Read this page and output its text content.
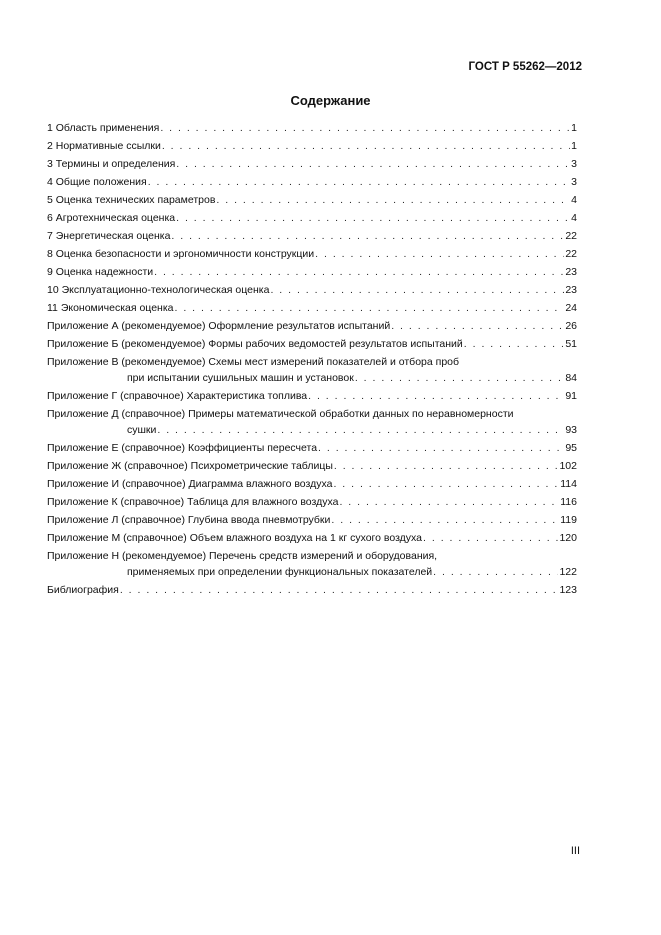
ГОСТ Р 55262—2012
Содержание
1 Область применения . . .	1
2 Нормативные ссылки . . .	1
3 Термины и определения . . .	3
4 Общие положения . . .	3
5 Оценка технических параметров . . .	4
6 Агротехническая оценка . . .	4
7 Энергетическая оценка . . .	22
8 Оценка безопасности и эргономичности конструкции . . .	22
9 Оценка надежности . . .	23
10 Эксплуатационно-технологическая оценка . . .	23
11 Экономическая оценка . . .	24
Приложение А (рекомендуемое) Оформление результатов испытаний . . .	26
Приложение Б (рекомендуемое) Формы рабочих ведомостей результатов испытаний . . .	51
Приложение В (рекомендуемое) Схемы мест измерений показателей и отбора проб
при испытании сушильных машин и установок . . .	84
Приложение Г (справочное) Характеристика топлива . . .	91
Приложение Д (справочное) Примеры математической обработки данных по неравномерности
сушки . . .	93
Приложение Е (справочное) Коэффициенты пересчета . . .	95
Приложение Ж (справочное) Психрометрические таблицы . . .	102
Приложение И (справочное) Диаграмма влажного воздуха . . .	114
Приложение К (справочное) Таблица для влажного воздуха . . .	116
Приложение Л (справочное) Глубина ввода пневмотрубки . . .	119
Приложение М (справочное) Объем влажного воздуха на 1 кг сухого воздуха . . .	120
Приложение Н (рекомендуемое) Перечень средств измерений и оборудования,
применяемых при определении функциональных показателей . . .	122
Библиография . . .	123
III
